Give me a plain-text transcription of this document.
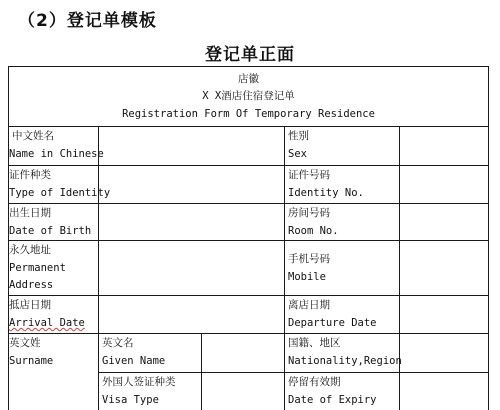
（2）登记单模板
登记单正面
店徽
X X酒店住宿登记单
Registration Form Of Temporary Residence
中文姓名
Name in Chinese
性别
Sex
证件种类
Type of Identity
证件号码
Identity No.
出生日期
Date of Birth
房间号码
Room No.
永久地址
Permanent
Address
手机号码
Mobile
抵店日期
Arrival Date
离店日期
Departure Date
英文姓
Surname
英文名
Given Name
国籍、地区
Nationality,Region
外国人签证种类
Visa Type
停留有效期
Date of Expiry
